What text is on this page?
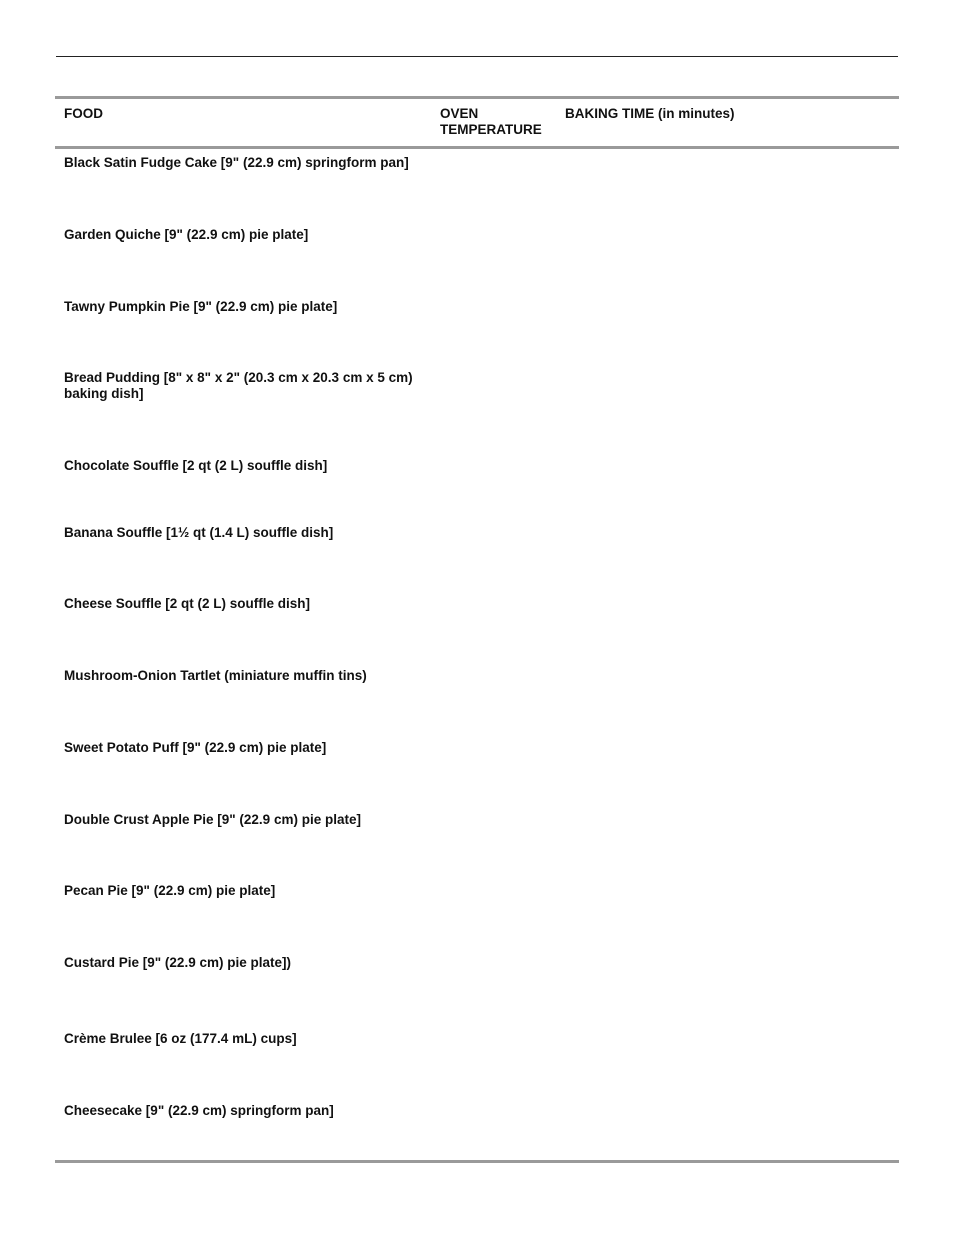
FOOD	OVEN
TEMPERATURE
BAKING TIME (in minutes)
Black Satin Fudge Cake [9" (22.9 cm) springform pan]
Garden Quiche [9" (22.9 cm) pie plate]
Tawny Pumpkin Pie [9" (22.9 cm) pie plate]
Bread Pudding [8" x 8" x 2" (20.3 cm x 20.3 cm x 5 cm) baking dish]
Chocolate Souffle [2 qt (2 L) souffle dish]
Banana Souffle [1½ qt (1.4 L) souffle dish]
Cheese Souffle [2 qt (2 L) souffle dish]
Mushroom-Onion Tartlet (miniature muffin tins)
Sweet Potato Puff [9" (22.9 cm) pie plate]
Double Crust Apple Pie [9" (22.9 cm) pie plate]
Pecan Pie [9" (22.9 cm) pie plate]
Custard Pie [9" (22.9 cm) pie plate])
Crème Brulee [6 oz (177.4 mL) cups]
Cheesecake [9" (22.9 cm) springform pan]
